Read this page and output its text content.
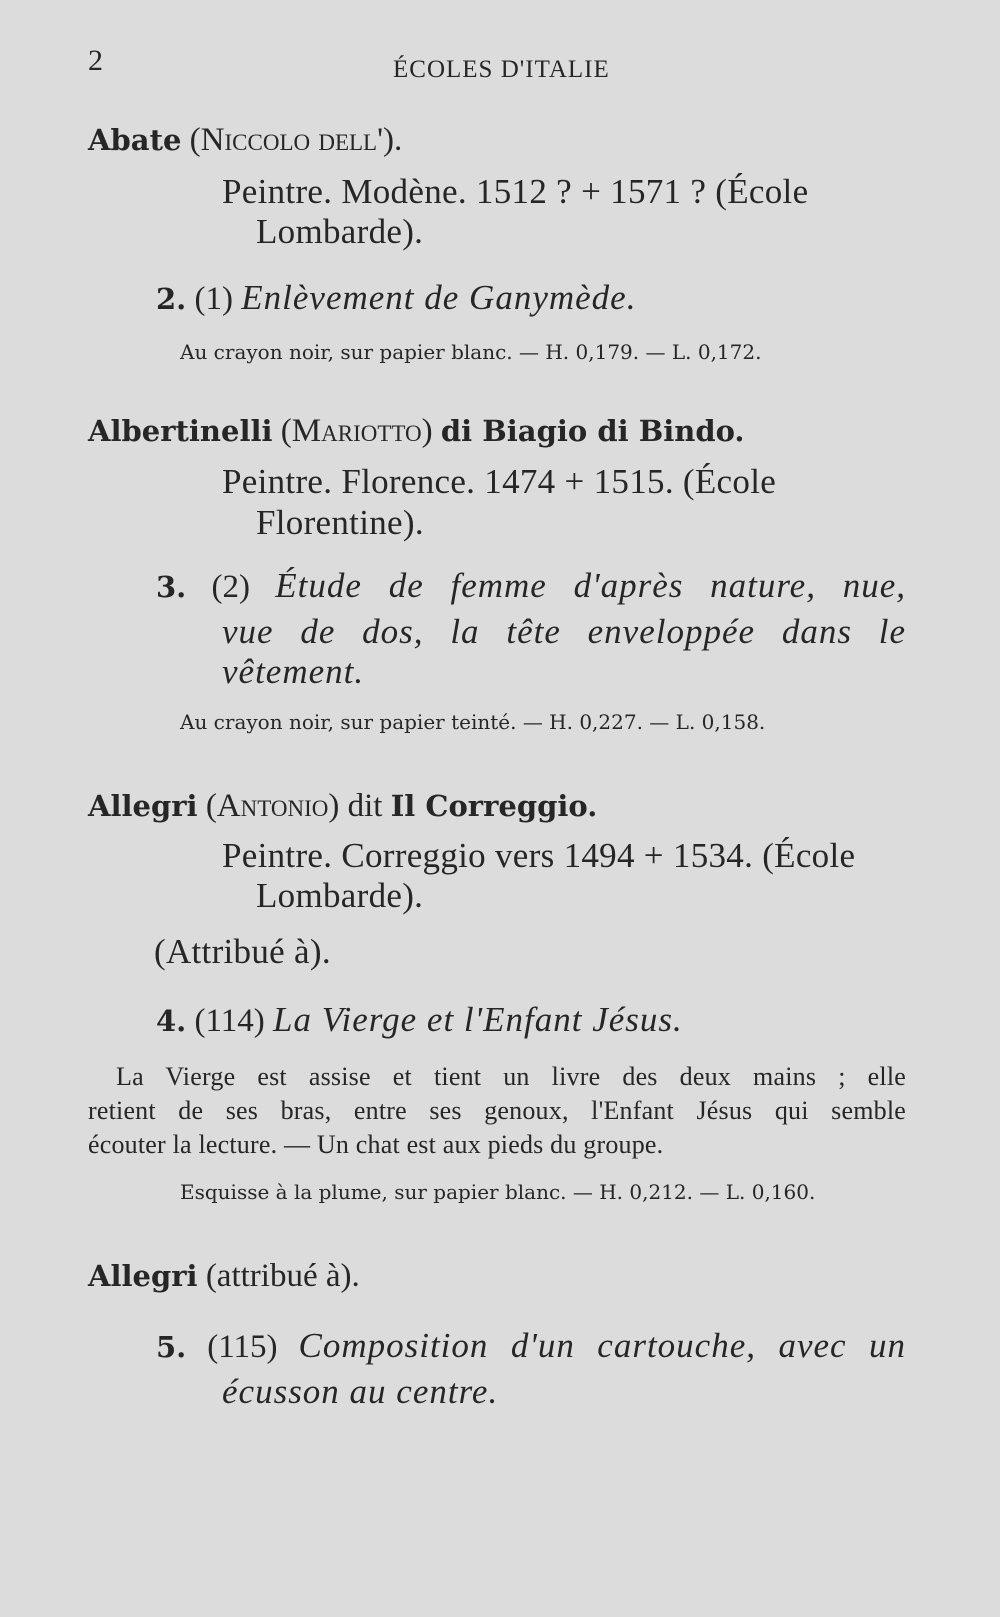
2	ÉCOLES D'ITALIE
Abate (Niccolo dell').
Peintre. Modène. 1512 ? + 1571 ? (École
Lombarde).
2. (1) Enlèvement de Ganymède.
Au crayon noir, sur papier blanc. — H. 0,179. — L. 0,172.
Albertinelli (Mariotto) di Biagio di Bindo.
Peintre. Florence. 1474 + 1515. (École
Florentine).
3. (2) Étude de femme d'après nature, nue,
vue de dos, la tête enveloppée dans le
vêtement.
Au crayon noir, sur papier teinté. — H. 0,227. — L. 0,158.
Allegri (Antonio) dit Il Correggio.
Peintre. Correggio vers 1494 + 1534. (École
Lombarde).
(Attribué à).
4. (114) La Vierge et l'Enfant Jésus.
La Vierge est assise et tient un livre des deux mains ; elle
retient de ses bras, entre ses genoux, l'Enfant Jésus qui semble
écouter la lecture. — Un chat est aux pieds du groupe.
Esquisse à la plume, sur papier blanc. — H. 0,212. — L. 0,160.
Allegri (attribué à).
5. (115) Composition d'un cartouche, avec un
écusson au centre.
